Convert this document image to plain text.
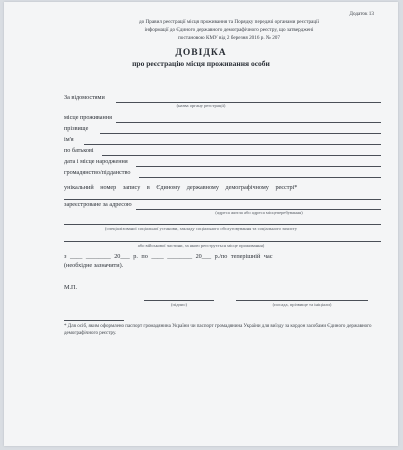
Додаток 13
до Правил реєстрації місця проживання та Порядку передачі органами реєстрації
інформації до Єдиного державного демографічного реєстру, що затверджені
постановою КМУ від 2 березня 2016 р. № 207
ДОВІДКА
про реєстрацію місця проживання особи
За відомостями
(назва органу реєстрації)
місце проживання
прізвище
ім'я
по батькові
дата і місце народження
громадянство/підданство
унікальний номер запису в Єдиному державному демографічному реєстрі*
зареєстроване за адресою
(адреса житла або адреса місцеперебування)
(спеціалізованої соціальної установи, закладу соціального обслуговування та соціального захисту
або військової частини, за якою реєструється місце проживання)
з ____ ________ 20___ р. по ____ ________ 20___ р./по теперішній час
(необхідне зазначити).
М.П.
(підпис)	(посада, прізвище та ініціали)
* Для осіб, яким оформлено паспорт громадянина України чи паспорт громадянина України для виїзду за кордон засобами Єдиного державного демографічного реєстру.
